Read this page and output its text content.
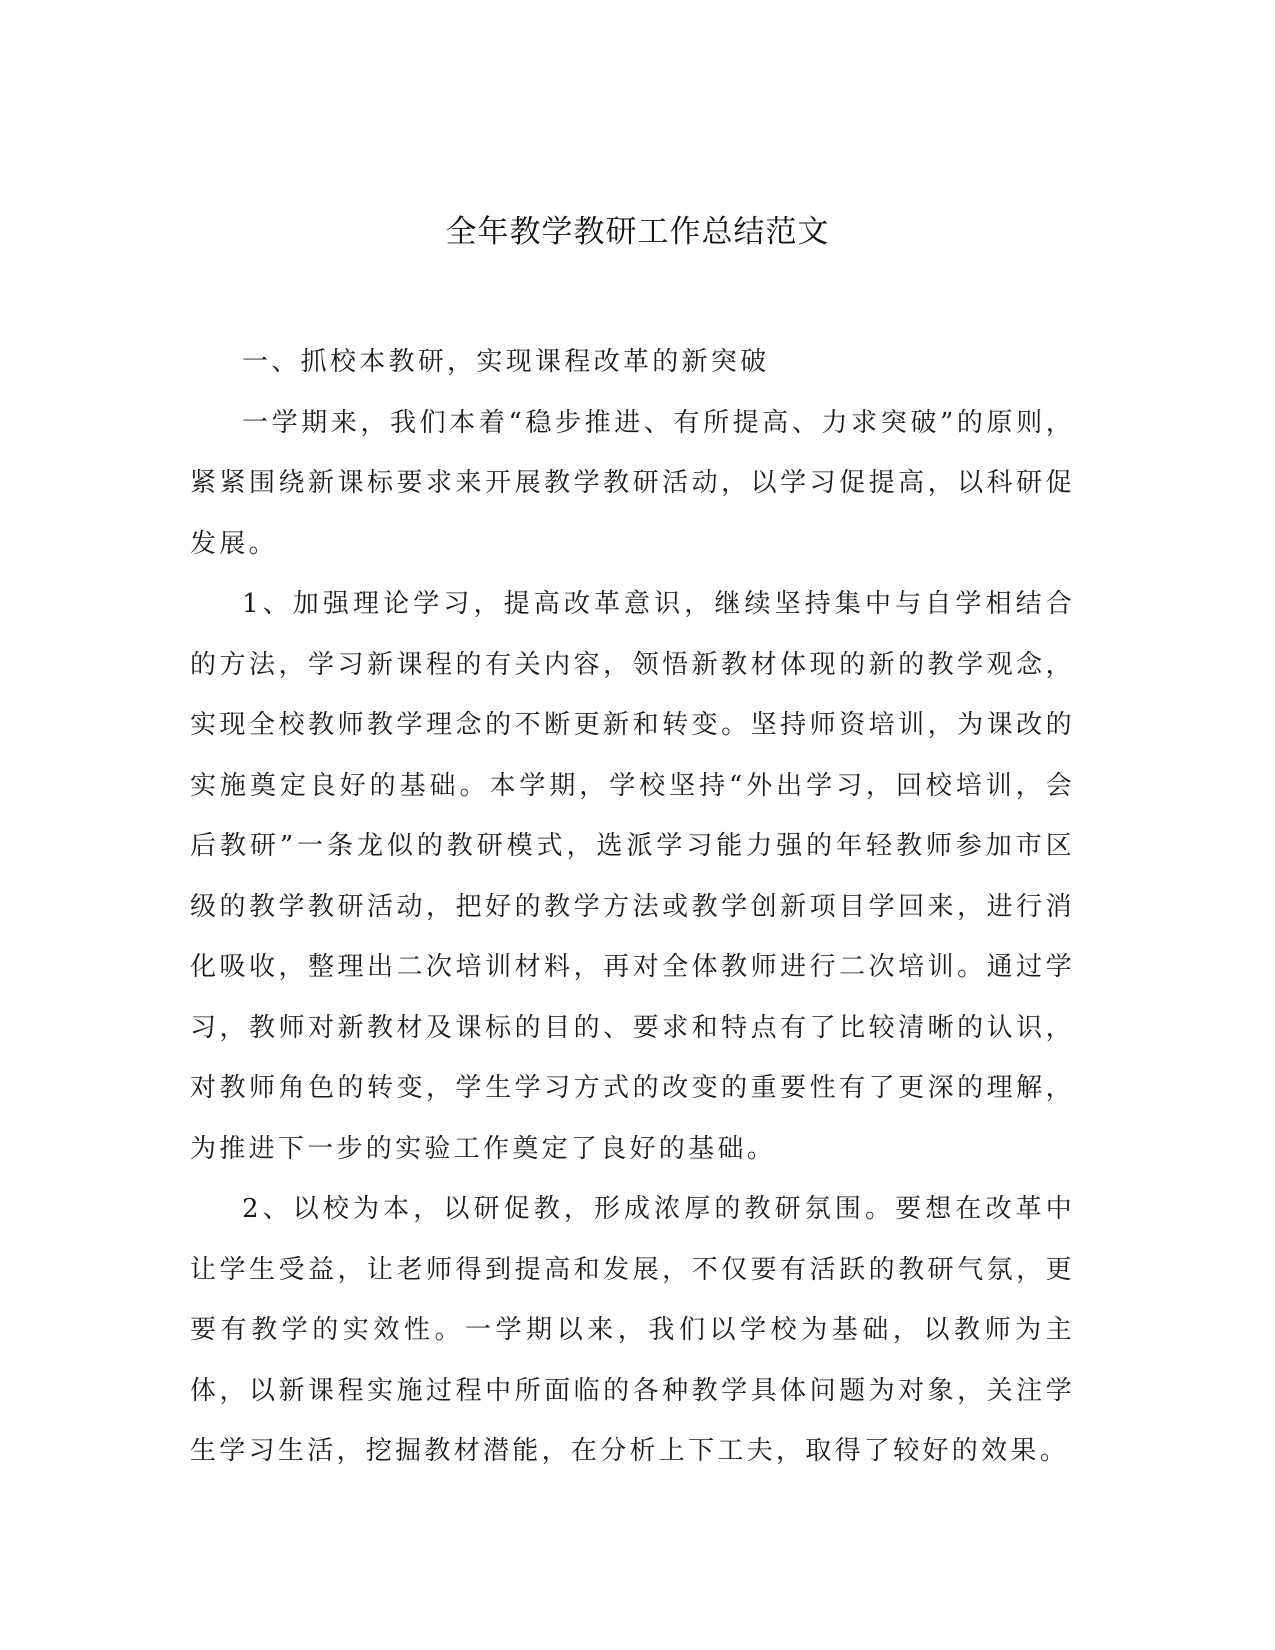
全年教学教研工作总结范文

一、抓校本教研，实现课程改革的新突破

一学期来，我们本着“稳步推进、有所提高、力求突破”的原则，紧紧围绕新课标要求来开展教学教研活动，以学习促提高，以科研促发展。

1、加强理论学习，提高改革意识，继续坚持集中与自学相结合的方法，学习新课程的有关内容，领悟新教材体现的新的教学观念，实现全校教师教学理念的不断更新和转变。坚持师资培训，为课改的实施奠定良好的基础。本学期，学校坚持“外出学习，回校培训，会后教研”一条龙似的教研模式，选派学习能力强的年轻教师参加市区级的教学教研活动，把好的教学方法或教学创新项目学回来，进行消化吸收，整理出二次培训材料，再对全体教师进行二次培训。通过学习，教师对新教材及课标的目的、要求和特点有了比较清晰的认识，对教师角色的转变，学生学习方式的改变的重要性有了更深的理解，为推进下一步的实验工作奠定了良好的基础。

2、以校为本，以研促教，形成浓厚的教研氛围。要想在改革中让学生受益，让老师得到提高和发展，不仅要有活跃的教研气氛，更要有教学的实效性。一学期以来，我们以学校为基础，以教师为主体，以新课程实施过程中所面临的各种教学具体问题为对象，关注学生学习生活，挖掘教材潜能，在分析上下工夫，取得了较好的效果。
